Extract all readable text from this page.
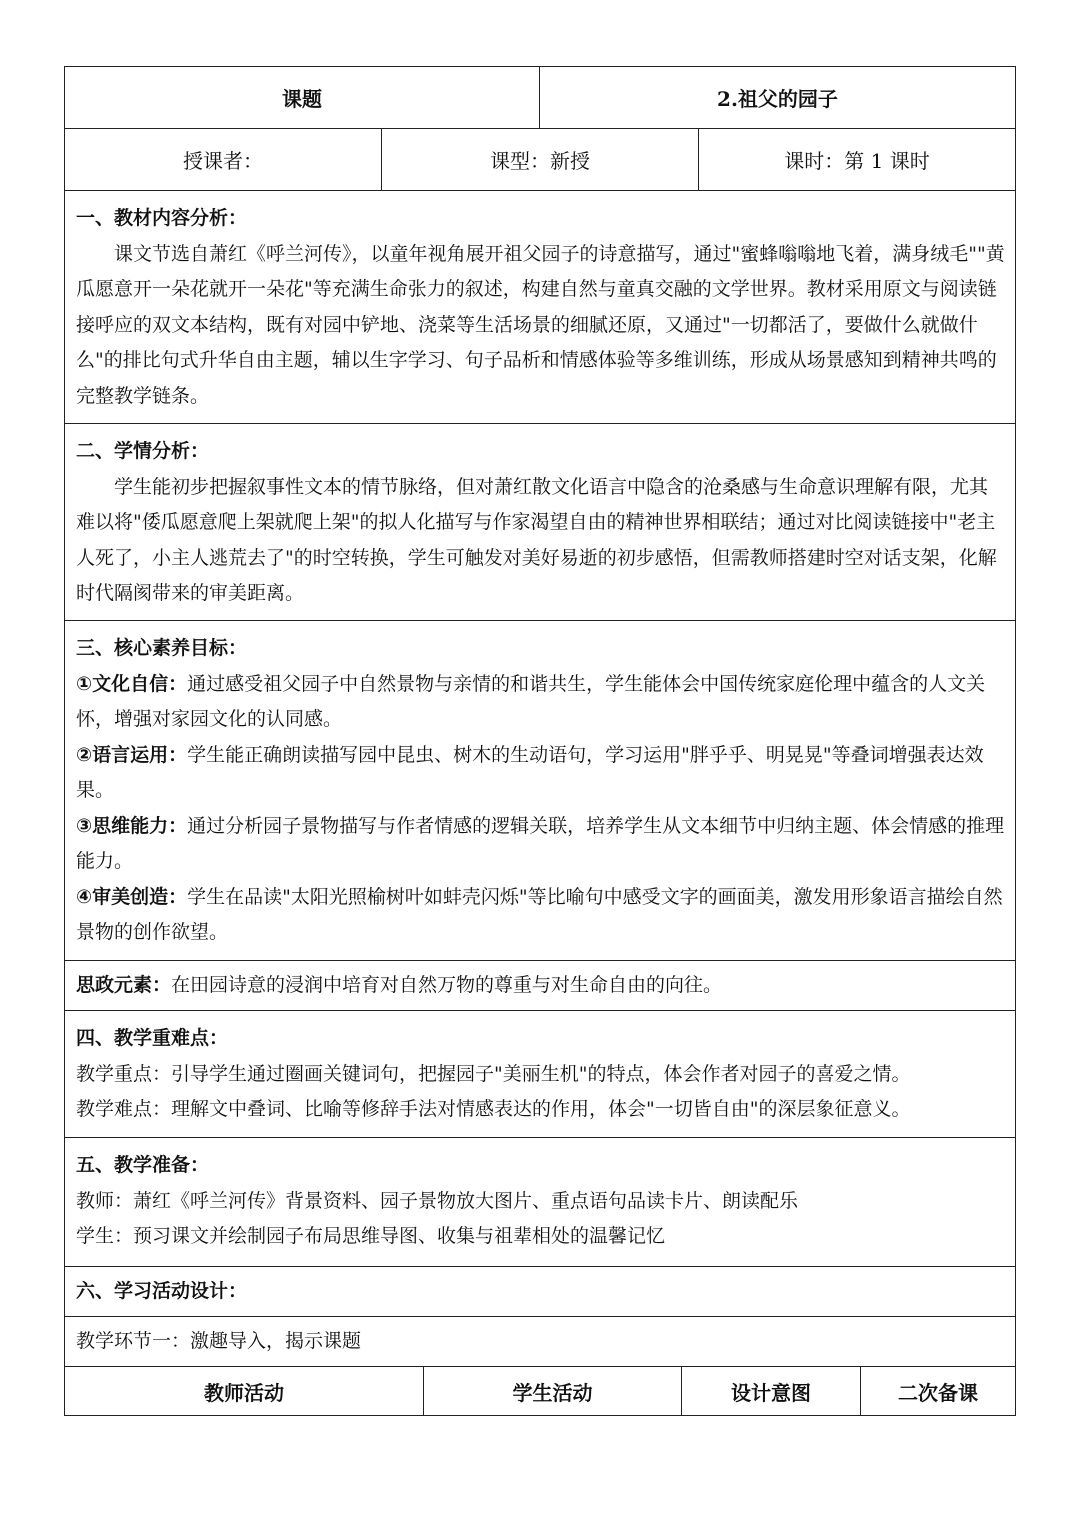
课题	2.祖父的园子
授课者：	课型：新授	课时：第 1 课时

一、教材内容分析：

课文节选自萧红《呼兰河传》，以童年视角展开祖父园子的诗意描写，通过"蜜蜂嗡嗡地飞着，满身绒毛""黄瓜愿意开一朵花就开一朵花"等充满生命张力的叙述，构建自然与童真交融的文学世界。教材采用原文与阅读链接呼应的双文本结构，既有对园中铲地、浇菜等生活场景的细腻还原，又通过"一切都活了，要做什么就做什么"的排比句式升华自由主题，辅以生字学习、句子品析和情感体验等多维训练，形成从场景感知到精神共鸣的完整教学链条。

二、学情分析：

学生能初步把握叙事性文本的情节脉络，但对萧红散文化语言中隐含的沧桑感与生命意识理解有限，尤其难以将"倭瓜愿意爬上架就爬上架"的拟人化描写与作家渴望自由的精神世界相联结；通过对比阅读链接中"老主人死了，小主人逃荒去了"的时空转换，学生可触发对美好易逝的初步感悟，但需教师搭建时空对话支架，化解时代隔阂带来的审美距离。

三、核心素养目标：

①文化自信：通过感受祖父园子中自然景物与亲情的和谐共生，学生能体会中国传统家庭伦理中蕴含的人文关怀，增强对家园文化的认同感。

②语言运用：学生能正确朗读描写园中昆虫、树木的生动语句，学习运用"胖乎乎、明晃晃"等叠词增强表达效果。

③思维能力：通过分析园子景物描写与作者情感的逻辑关联，培养学生从文本细节中归纳主题、体会情感的推理能力。

④审美创造：学生在品读"太阳光照榆树叶如蚌壳闪烁"等比喻句中感受文字的画面美，激发用形象语言描绘自然景物的创作欲望。

思政元素：在田园诗意的浸润中培育对自然万物的尊重与对生命自由的向往。

四、教学重难点：

教学重点：引导学生通过圈画关键词句，把握园子"美丽生机"的特点，体会作者对园子的喜爱之情。

教学难点：理解文中叠词、比喻等修辞手法对情感表达的作用，体会"一切皆自由"的深层象征意义。

五、教学准备：

教师：萧红《呼兰河传》背景资料、园子景物放大图片、重点语句品读卡片、朗读配乐

学生：预习课文并绘制园子布局思维导图、收集与祖辈相处的温馨记忆

六、学习活动设计：

教学环节一：激趣导入，揭示课题

教师活动	学生活动	设计意图	二次备课
